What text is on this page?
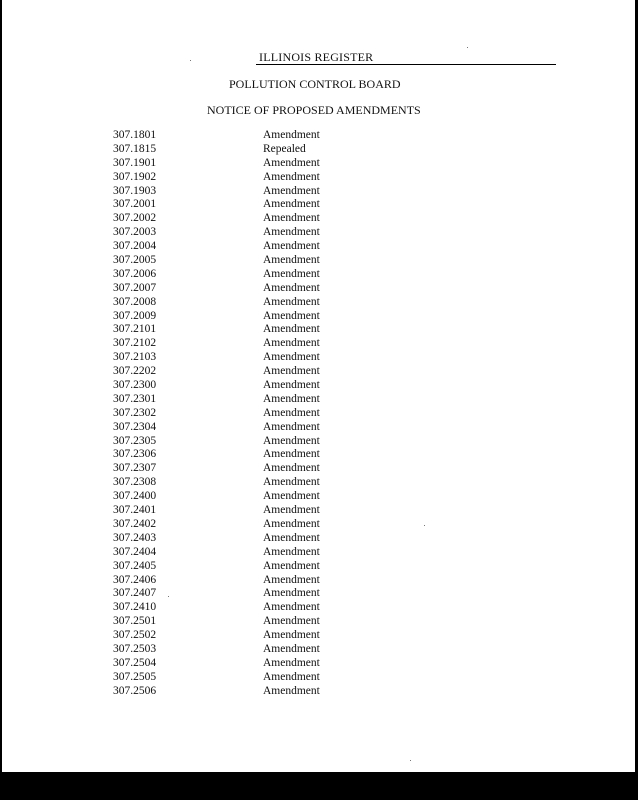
ILLINOIS REGISTER
POLLUTION CONTROL BOARD
NOTICE OF PROPOSED AMENDMENTS
307.1801	Amendment
307.1815	Repealed
307.1901	Amendment
307.1902	Amendment
307.1903	Amendment
307.2001	Amendment
307.2002	Amendment
307.2003	Amendment
307.2004	Amendment
307.2005	Amendment
307.2006	Amendment
307.2007	Amendment
307.2008	Amendment
307.2009	Amendment
307.2101	Amendment
307.2102	Amendment
307.2103	Amendment
307.2202	Amendment
307.2300	Amendment
307.2301	Amendment
307.2302	Amendment
307.2304	Amendment
307.2305	Amendment
307.2306	Amendment
307.2307	Amendment
307.2308	Amendment
307.2400	Amendment
307.2401	Amendment
307.2402	Amendment
307.2403	Amendment
307.2404	Amendment
307.2405	Amendment
307.2406	Amendment
307.2407	Amendment
307.2410	Amendment
307.2501	Amendment
307.2502	Amendment
307.2503	Amendment
307.2504	Amendment
307.2505	Amendment
307.2506	Amendment
